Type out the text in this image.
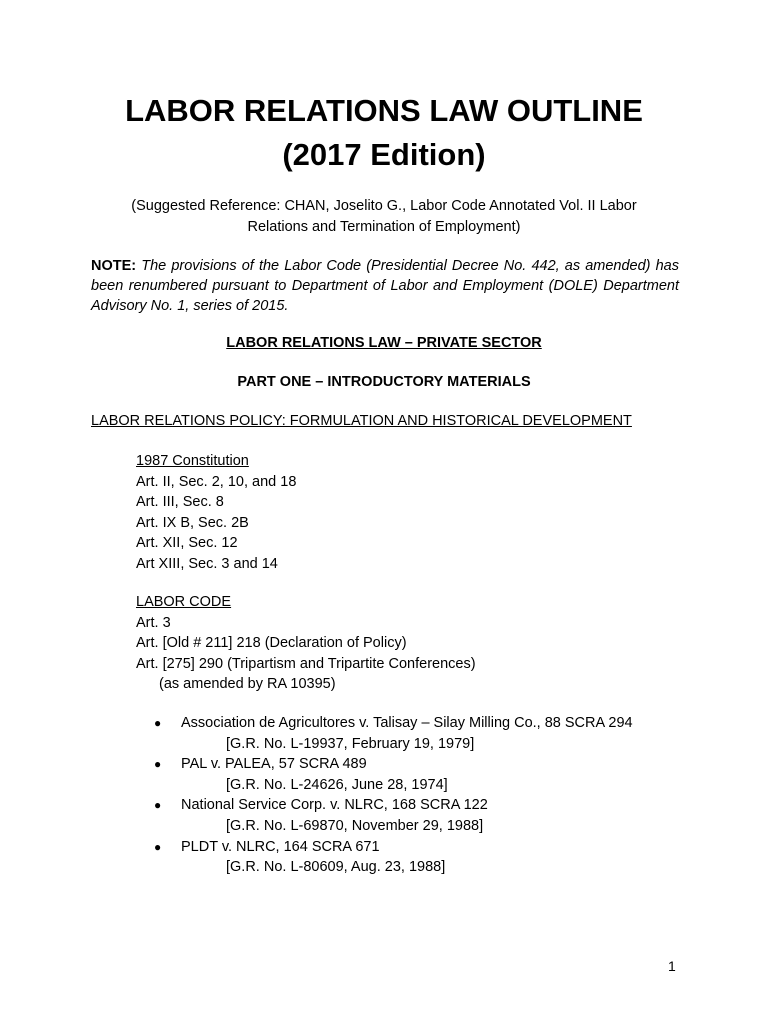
LABOR RELATIONS LAW OUTLINE
(2017 Edition)
(Suggested Reference: CHAN, Joselito G., Labor Code Annotated Vol. II Labor
Relations and Termination of Employment)
NOTE: The provisions of the Labor Code (Presidential Decree No. 442, as amended) has been renumbered pursuant to Department of Labor and Employment (DOLE) Department Advisory No. 1, series of 2015.
LABOR RELATIONS LAW – PRIVATE SECTOR
PART ONE – INTRODUCTORY MATERIALS
LABOR RELATIONS POLICY: FORMULATION AND HISTORICAL DEVELOPMENT
1987 Constitution
Art. II, Sec. 2, 10, and 18
Art. III, Sec. 8
Art. IX B, Sec. 2B
Art. XII, Sec. 12
Art XIII, Sec. 3 and 14
LABOR CODE
Art. 3
Art. [Old # 211] 218 (Declaration of Policy)
Art. [275] 290 (Tripartism and Tripartite Conferences)
(as amended by RA 10395)
●	Association de Agricultores v. Talisay – Silay Milling Co., 88 SCRA 294
[G.R. No. L-19937, February 19, 1979]
●	PAL v. PALEA, 57 SCRA 489
[G.R. No. L-24626, June 28, 1974]
●	National Service Corp. v. NLRC, 168 SCRA 122
[G.R. No. L-69870, November 29, 1988]
●	PLDT v. NLRC, 164 SCRA 671
[G.R. No. L-80609, Aug. 23, 1988]
1
